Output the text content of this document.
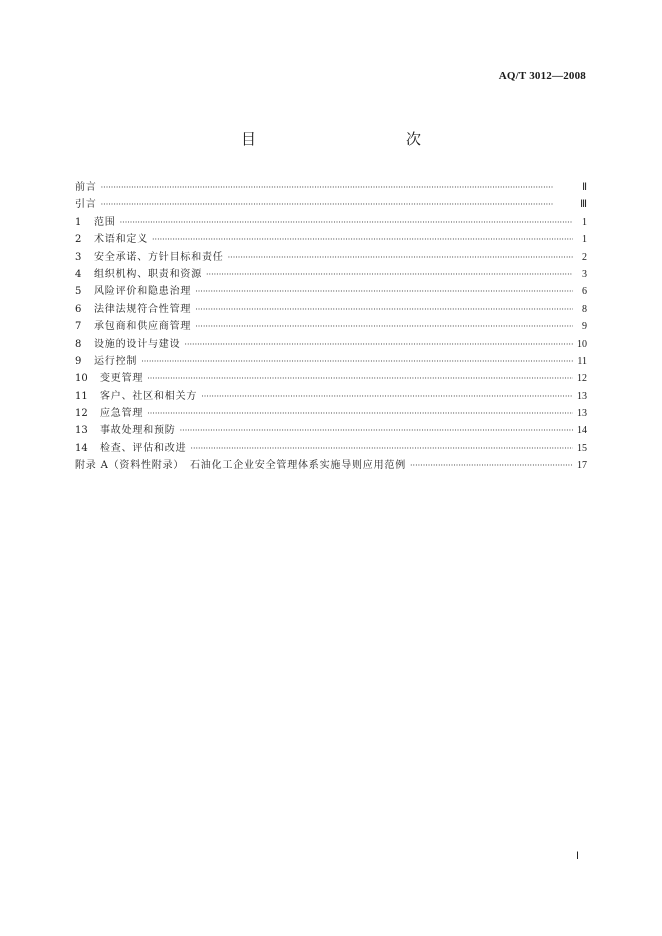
AQ/T 3012—2008
目　　次
前言 ·····	Ⅱ
引言 ·····	Ⅲ
1	范围 ·····	1
2	术语和定义 ·····	1
3	安全承诺、方针目标和责任 ·····	2
4	组织机构、职责和资源 ·····	3
5	风险评价和隐患治理 ·····	6
6	法律法规符合性管理 ·····	8
7	承包商和供应商管理 ·····	9
8	设施的设计与建设 ·····	10
9	运行控制 ·····	11
10	变更管理 ·····	12
11	客户、社区和相关方 ·····	13
12	应急管理 ·····	13
13	事故处理和预防 ·····	14
14	检查、评估和改进 ·····	15
附录 A（资料性附录）　石油化工企业安全管理体系实施导则应用范例 ·····	17
Ⅰ
